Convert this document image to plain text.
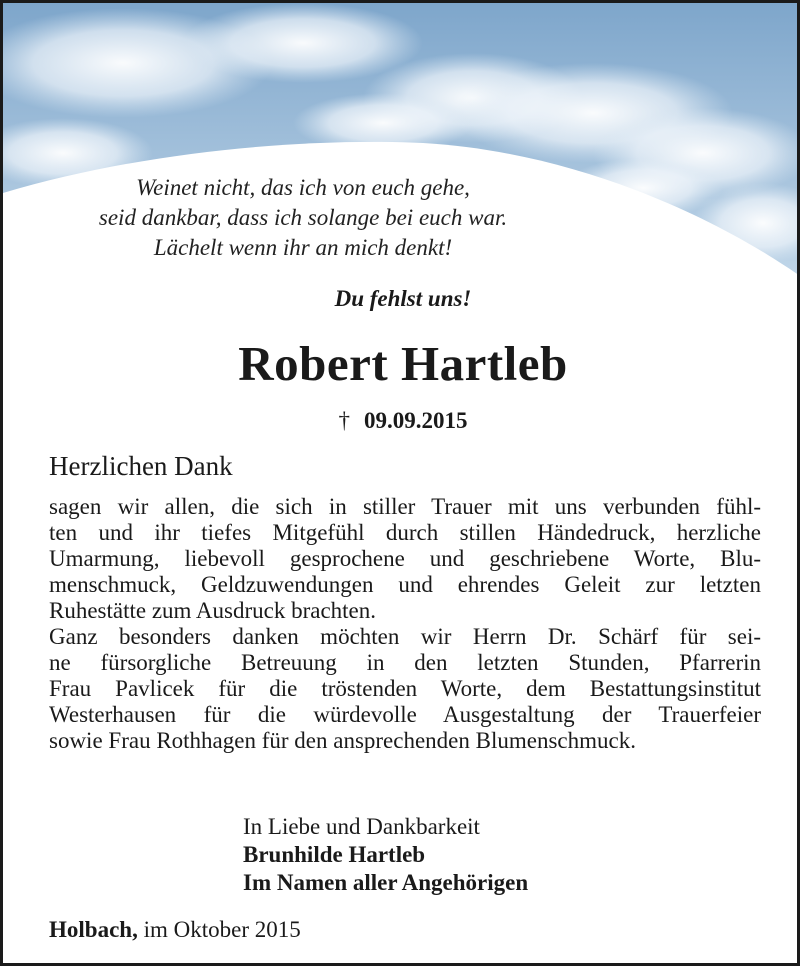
Weinet nicht, das ich von euch gehe,
seid dankbar, dass ich solange bei euch war.
Lächelt wenn ihr an mich denkt!
Du fehlst uns!
Robert Hartleb
† 09.09.2015
Herzlichen Dank
sagen wir allen, die sich in stiller Trauer mit uns verbunden fühl-
ten und ihr tiefes Mitgefühl durch stillen Händedruck, herzliche
Umarmung, liebevoll gesprochene und geschriebene Worte, Blu-
menschmuck, Geldzuwendungen und ehrendes Geleit zur letzten
Ruhestätte zum Ausdruck brachten.
Ganz besonders danken möchten wir Herrn Dr. Schärf für sei-
ne fürsorgliche Betreuung in den letzten Stunden, Pfarrerin
Frau Pavlicek für die tröstenden Worte, dem Bestattungsinstitut
Westerhausen für die würdevolle Ausgestaltung der Trauerfeier
sowie Frau Rothhagen für den ansprechenden Blumenschmuck.
In Liebe und Dankbarkeit
Brunhilde Hartleb
Im Namen aller Angehörigen
Holbach, im Oktober 2015
